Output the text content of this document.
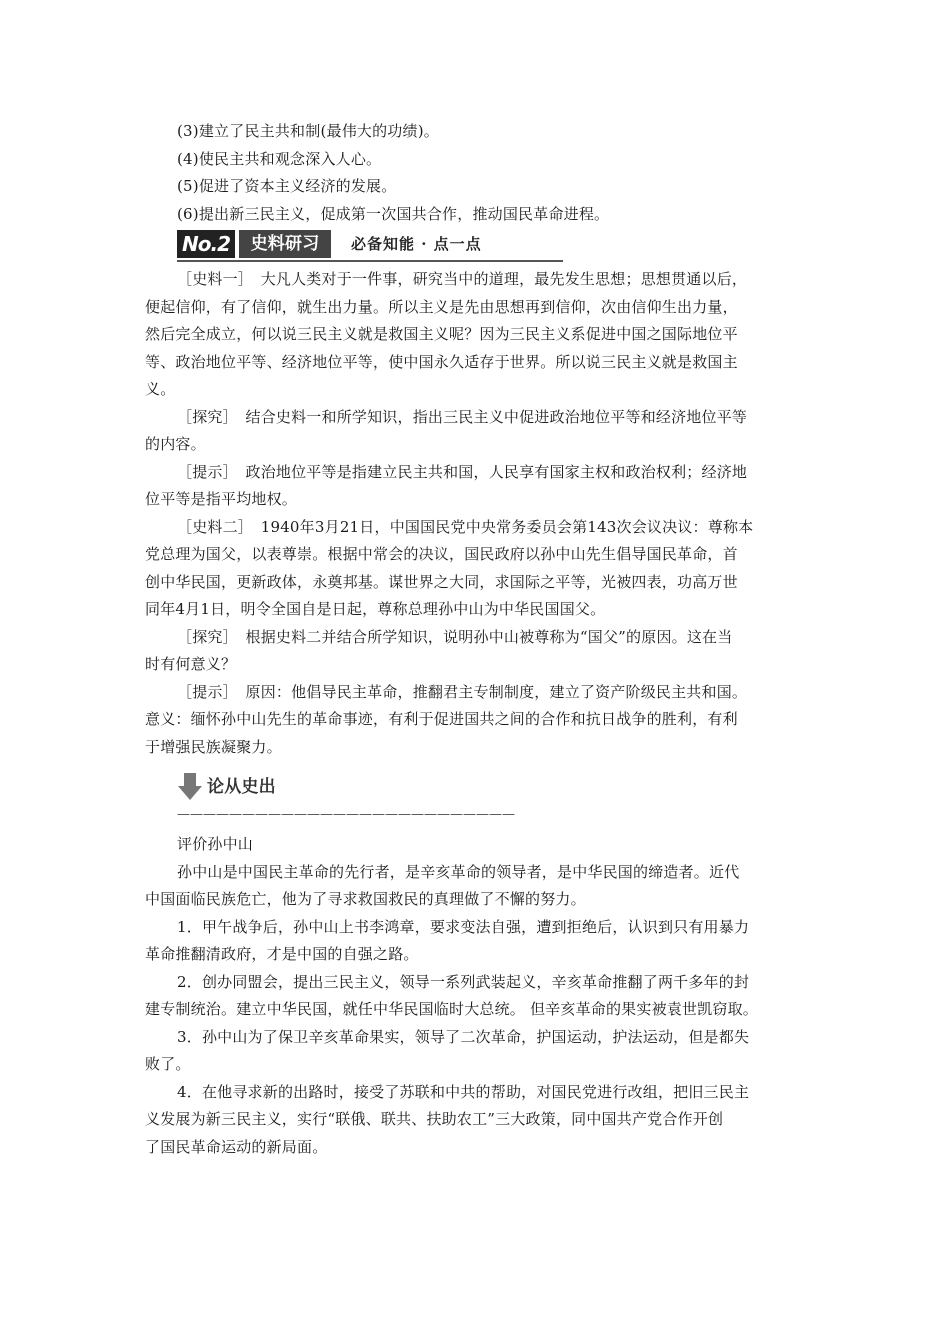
(3)建立了民主共和制(最伟大的功绩)。
(4)使民主共和观念深入人心。
(5)促进了资本主义经济的发展。
(6)提出新三民主义，促成第一次国共合作，推动国民革命进程。
No.2	史料研习	必备知能 · 点一点
［史料一］　大凡人类对于一件事，研究当中的道理，最先发生思想；思想贯通以后，
便起信仰，有了信仰，就生出力量。所以主义是先由思想再到信仰，次由信仰生出力量，
然后完全成立，何以说三民主义就是救国主义呢？因为三民主义系促进中国之国际地位平
等、政治地位平等、经济地位平等，使中国永久适存于世界。所以说三民主义就是救国主
义。
［探究］　结合史料一和所学知识，指出三民主义中促进政治地位平等和经济地位平等
的内容。
［提示］　政治地位平等是指建立民主共和国，人民享有国家主权和政治权利；经济地
位平等是指平均地权。
［史料二］　1940年3月21日，中国国民党中央常务委员会第143次会议决议：尊称本
党总理为国父，以表尊崇。根据中常会的决议，国民政府以孙中山先生倡导国民革命，首
创中华民国，更新政体，永奠邦基。谋世界之大同，求国际之平等，光被四表，功高万世
同年4月1日，明令全国自是日起，尊称总理孙中山为中华民国国父。
［探究］　根据史料二并结合所学知识，说明孙中山被尊称为“国父”的原因。这在当
时有何意义？
［提示］　原因：他倡导民主革命，推翻君主专制制度，建立了资产阶级民主共和国。
意义：缅怀孙中山先生的革命事迹，有利于促进国共之间的合作和抗日战争的胜利，有利
于增强民族凝聚力。
论从史出
——————————————————————————
评价孙中山
孙中山是中国民主革命的先行者，是辛亥革命的领导者，是中华民国的缔造者。近代
中国面临民族危亡，他为了寻求救国救民的真理做了不懈的努力。
1．甲午战争后，孙中山上书李鸿章，要求变法自强，遭到拒绝后，认识到只有用暴力
革命推翻清政府，才是中国的自强之路。
2．创办同盟会，提出三民主义，领导一系列武装起义，辛亥革命推翻了两千多年的封
建专制统治。建立中华民国，就任中华民国临时大总统。 但辛亥革命的果实被袁世凯窃取。
3．孙中山为了保卫辛亥革命果实，领导了二次革命，护国运动，护法运动，但是都失
败了。
4．在他寻求新的出路时，接受了苏联和中共的帮助，对国民党进行改组，把旧三民主
义发展为新三民主义，实行“联俄、联共、扶助农工”三大政策，同中国共产党合作开创
了国民革命运动的新局面。
